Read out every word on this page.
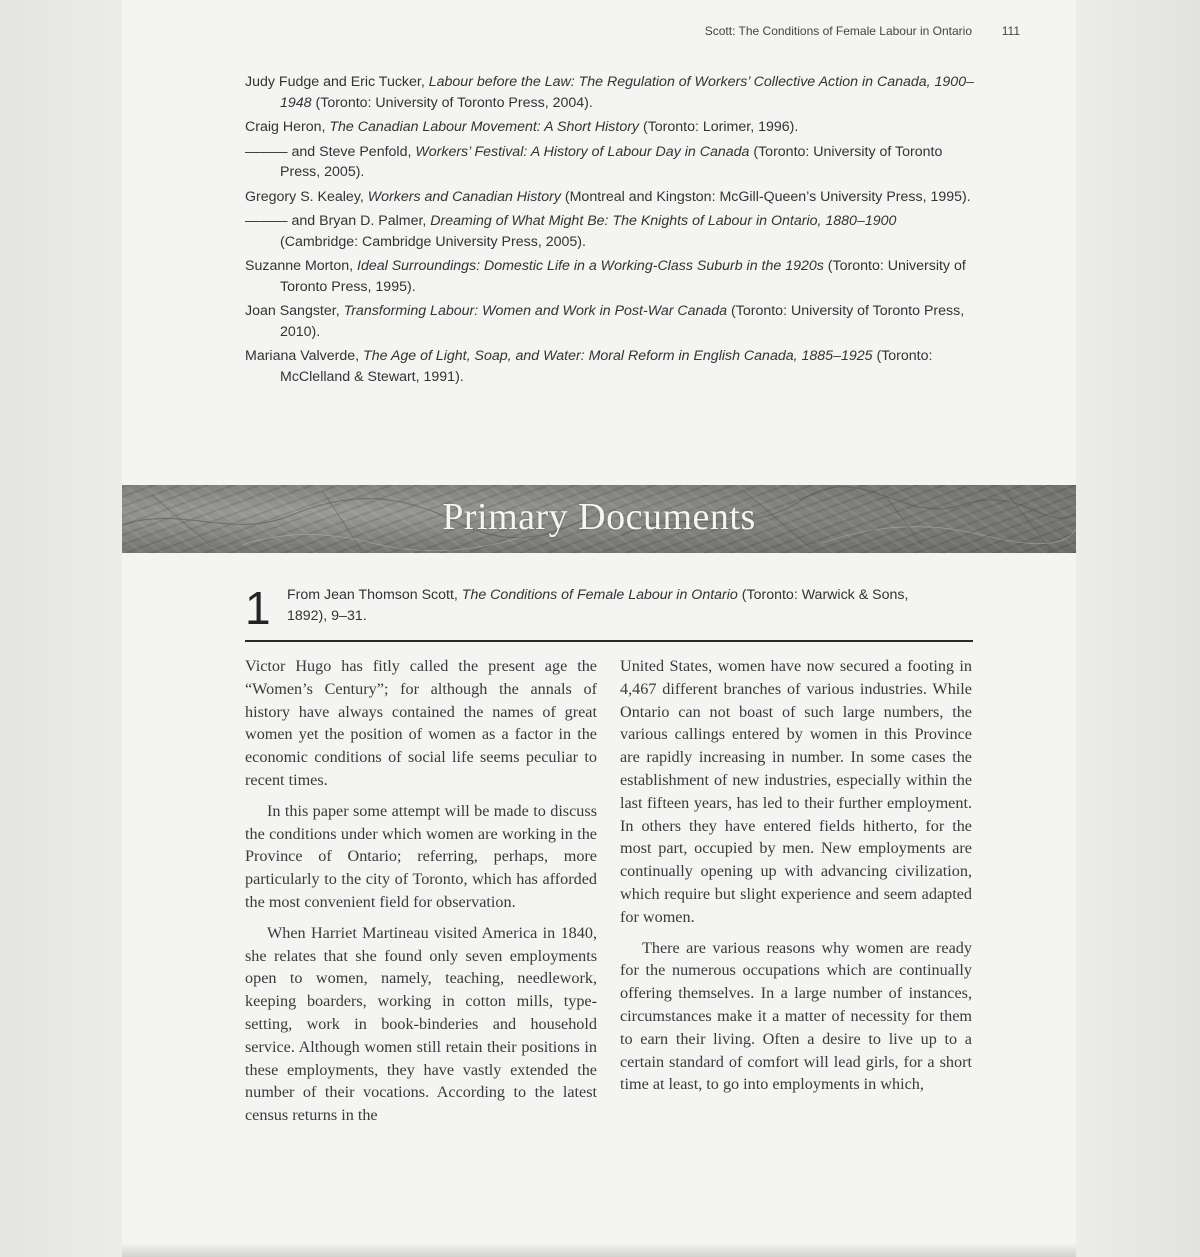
Scott: The Conditions of Female Labour in Ontario 111

Judy Fudge and Eric Tucker, Labour before the Law: The Regulation of Workers’ Collective Action in Canada, 1900–1948 (Toronto: University of Toronto Press, 2004).

Craig Heron, The Canadian Labour Movement: A Short History (Toronto: Lorimer, 1996).

——— and Steve Penfold, Workers’ Festival: A History of Labour Day in Canada (Toronto: University of Toronto Press, 2005).

Gregory S. Kealey, Workers and Canadian History (Montreal and Kingston: McGill-Queen’s University Press, 1995).

——— and Bryan D. Palmer, Dreaming of What Might Be: The Knights of Labour in Ontario, 1880–1900 (Cambridge: Cambridge University Press, 2005).

Suzanne Morton, Ideal Surroundings: Domestic Life in a Working-Class Suburb in the 1920s (Toronto: University of Toronto Press, 1995).

Joan Sangster, Transforming Labour: Women and Work in Post-War Canada (Toronto: University of Toronto Press, 2010).

Mariana Valverde, The Age of Light, Soap, and Water: Moral Reform in English Canada, 1885–1925 (Toronto: McClelland & Stewart, 1991).

Primary Documents
1 From Jean Thomson Scott, The Conditions of Female Labour in Ontario (Toronto: Warwick & Sons, 1892), 9–31.

Victor Hugo has fitly called the present age the “Women’s Century”; for although the annals of history have always contained the names of great women yet the position of women as a factor in the economic conditions of social life seems peculiar to recent times.

In this paper some attempt will be made to discuss the conditions under which women are working in the Province of Ontario; referring, perhaps, more particularly to the city of Toronto, which has afforded the most convenient field for observation.

When Harriet Martineau visited America in 1840, she relates that she found only seven employments open to women, namely, teaching, needlework, keeping boarders, working in cotton mills, type-setting, work in book-binderies and household service. Although women still retain their positions in these employments, they have vastly extended the number of their vocations. According to the latest census returns in the

United States, women have now secured a footing in 4,467 different branches of various industries. While Ontario can not boast of such large numbers, the various callings entered by women in this Province are rapidly increasing in number. In some cases the establishment of new industries, especially within the last fifteen years, has led to their further employment. In others they have entered fields hitherto, for the most part, occupied by men. New employments are continually opening up with advancing civilization, which require but slight experience and seem adapted for women.

There are various reasons why women are ready for the numerous occupations which are continually offering themselves. In a large number of instances, circumstances make it a matter of necessity for them to earn their living. Often a desire to live up to a certain standard of comfort will lead girls, for a short time at least, to go into employments in which,
